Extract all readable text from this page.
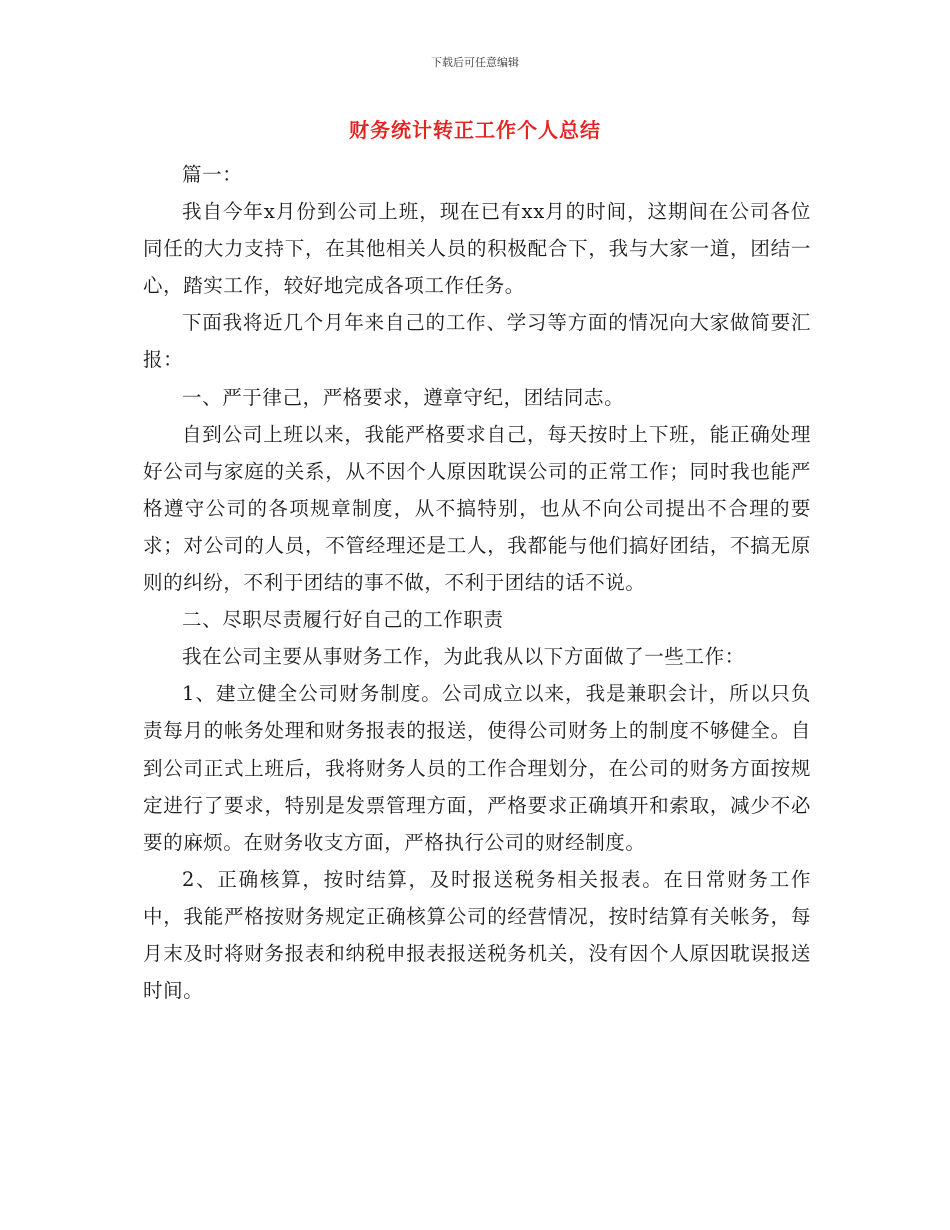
下载后可任意编辑
财务统计转正工作个人总结

篇一：

我自今年x月份到公司上班，现在已有xx月的时间，这期间在公司各位同任的大力支持下，在其他相关人员的积极配合下，我与大家一道，团结一心，踏实工作，较好地完成各项工作任务。

下面我将近几个月年来自己的工作、学习等方面的情况向大家做简要汇报：

一、严于律己，严格要求，遵章守纪，团结同志。

自到公司上班以来，我能严格要求自己，每天按时上下班，能正确处理好公司与家庭的关系，从不因个人原因耽误公司的正常工作；同时我也能严格遵守公司的各项规章制度，从不搞特别，也从不向公司提出不合理的要求；对公司的人员，不管经理还是工人，我都能与他们搞好团结，不搞无原则的纠纷，不利于团结的事不做，不利于团结的话不说。

二、尽职尽责履行好自己的工作职责

我在公司主要从事财务工作，为此我从以下方面做了一些工作：

1、建立健全公司财务制度。公司成立以来，我是兼职会计，所以只负责每月的帐务处理和财务报表的报送，使得公司财务上的制度不够健全。自到公司正式上班后，我将财务人员的工作合理划分，在公司的财务方面按规定进行了要求，特别是发票管理方面，严格要求正确填开和索取，减少不必要的麻烦。在财务收支方面，严格执行公司的财经制度。

2、正确核算，按时结算，及时报送税务相关报表。在日常财务工作中，我能严格按财务规定正确核算公司的经营情况，按时结算有关帐务，每月末及时将财务报表和纳税申报表报送税务机关，没有因个人原因耽误报送时间。
